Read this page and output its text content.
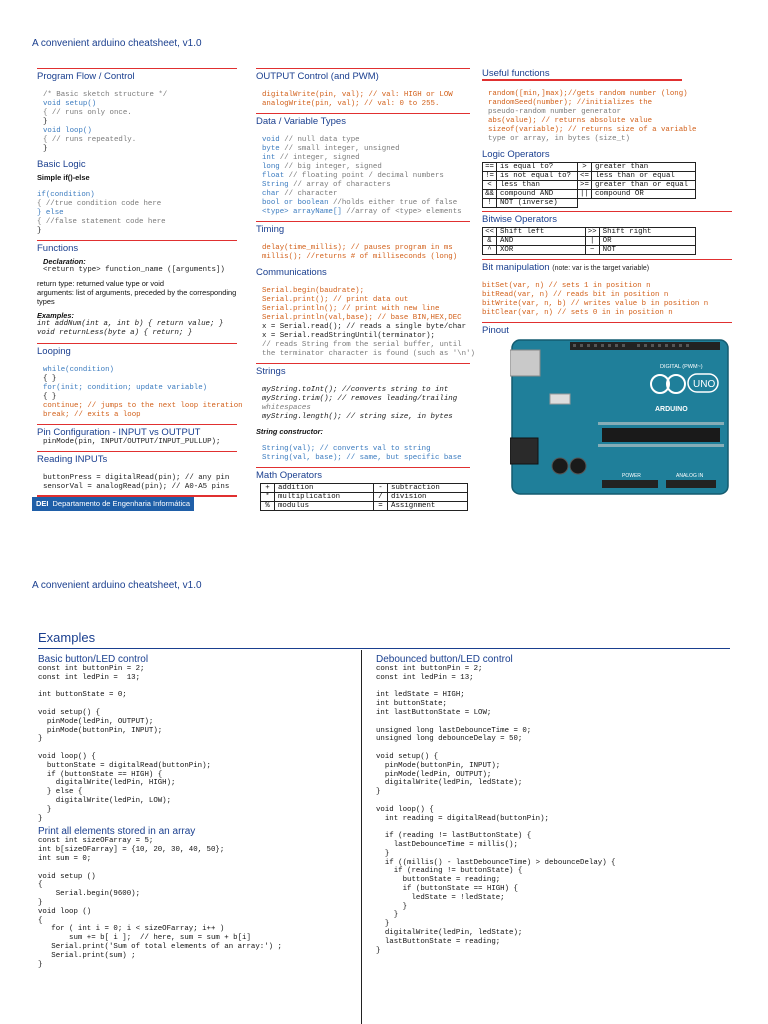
A convenient arduino cheatsheet, v1.0
Program Flow / Control

/* Basic sketch structure */
void setup()
{ // runs only once.
}
void loop()
{ // runs repeatedly.
}
Basic Logic
Simple if()-else

if(condition)
{ //true condition code here
} else
{ //false statement code here
}
Functions
Declaration:
<return type> function_name ([arguments])
return type: returned value type or void
arguments: list of arguments, preceded by the corresponding types
Examples:
int addNum(int a, int b) { return value; }
void returnLess(byte a) { return; }
Looping

while(condition)
{ }
for(init; condition; update variable)
{ }
continue; // jumps to the next loop iteration
break; // exits a loop
Pin Configuration - INPUT vs OUTPUT
pinMode(pin, INPUT/OUTPUT/INPUT_PULLUP);
Reading INPUTs

buttonPress = digitalRead(pin); // any pin
sensorVal = analogRead(pin); // A0-A5 pins
OUTPUT Control (and PWM)

digitalWrite(pin, val); // val: HIGH or LOW
analogWrite(pin, val); // val: 0 to 255.
Data / Variable Types

void // null data type
byte // small integer, unsigned
int // integer, signed
long // big integer, signed
float // floating point / decimal numbers
String // array of characters
char // character
bool or boolean //holds either true of false
<type> arrayName[] //array of <type> elements
Timing

delay(time_millis); // pauses program in ms
millis(); //returns # of milliseconds (long)
Communications

Serial.begin(baudrate);
Serial.print(); // print data out
Serial.println(); // print with new line
Serial.println(val,base); // base BIN,HEX,DEC
x = Serial.read(); // reads a single byte/char
x = Serial.readStringUntil(terminator);
// reads String from the serial buffer, until
the terminator character is found (such as '\n')
Strings

myString.toInt(); //converts string to int
myString.trim(); // removes leading/trailing
whitespaces
myString.length(); // string size, in bytes
String constructor:

String(val); // converts val to string
String(val, base); // same, but specific base
Math Operators
+	addition	-	subtraction
*	multiplication	/	division
%	modulus	=	Assignment
Useful functions

random([min,]max);//gets random number (long)
randomSeed(number); //initializes the
pseudo-random number generator
abs(value); // returns absolute value
sizeof(variable); // returns size of a variable
type or array, in bytes (size_t)
Logic Operators
==	is equal to?	>	greater than
!=	is not equal to?	<=	less than or equal
<	less than	>=	greater than or equal
&&	compound AND	||	compound OR
!	NOT (inverse)		
Bitwise Operators
<<	Shift left	>>	Shift right
&	AND	|	OR
^	XOR	~	NOT
Bit manipulation (note: var is the target variable)

bitSet(var, n) // sets 1 in position n
bitRead(var, n) // reads bit in position n
bitWrite(var, n, b) // writes value b in position n
bitClear(var, n) // sets 0 in in position n
Pinout
DIGITAL (PWM~)
ARDUINO
UNO
POWER	ANALOG IN
DEI Departamento de Engenharia Informática
A convenient arduino cheatsheet, v1.0
Examples
Basic button/LED control
const int buttonPin = 2;
const int ledPin =  13;

int buttonState = 0;

void setup() {
pinMode(ledPin, OUTPUT);
pinMode(buttonPin, INPUT);
}

void loop() {
buttonState = digitalRead(buttonPin);
if (buttonState == HIGH) {
digitalWrite(ledPin, HIGH);
} else {
digitalWrite(ledPin, LOW);
}
}
Print all elements stored in an array
const int sizeOFarray = 5;
int b[sizeOFarray] = {10, 20, 30, 40, 50};
int sum = 0;

void setup ()
{
Serial.begin(9600);
}
void loop ()
{
for ( int i = 0; i < sizeOFarray; i++ )
sum += b[ i ];  // here, sum = sum + b[i]
Serial.print('Sum of total elements of an array:') ;
Serial.print(sum) ;
}
Debounced button/LED control
const int buttonPin = 2;
const int ledPin = 13;

int ledState = HIGH;
int buttonState;
int lastButtonState = LOW;

unsigned long lastDebounceTime = 0;
unsigned long debounceDelay = 50;

void setup() {
pinMode(buttonPin, INPUT);
pinMode(ledPin, OUTPUT);
digitalWrite(ledPin, ledState);
}

void loop() {
int reading = digitalRead(buttonPin);

if (reading != lastButtonState) {
lastDebounceTime = millis();
}
if ((millis() - lastDebounceTime) > debounceDelay) {
if (reading != buttonState) {
buttonState = reading;
if (buttonState == HIGH) {
ledState = !ledState;
}
}
}
digitalWrite(ledPin, ledState);
lastButtonState = reading;
}
